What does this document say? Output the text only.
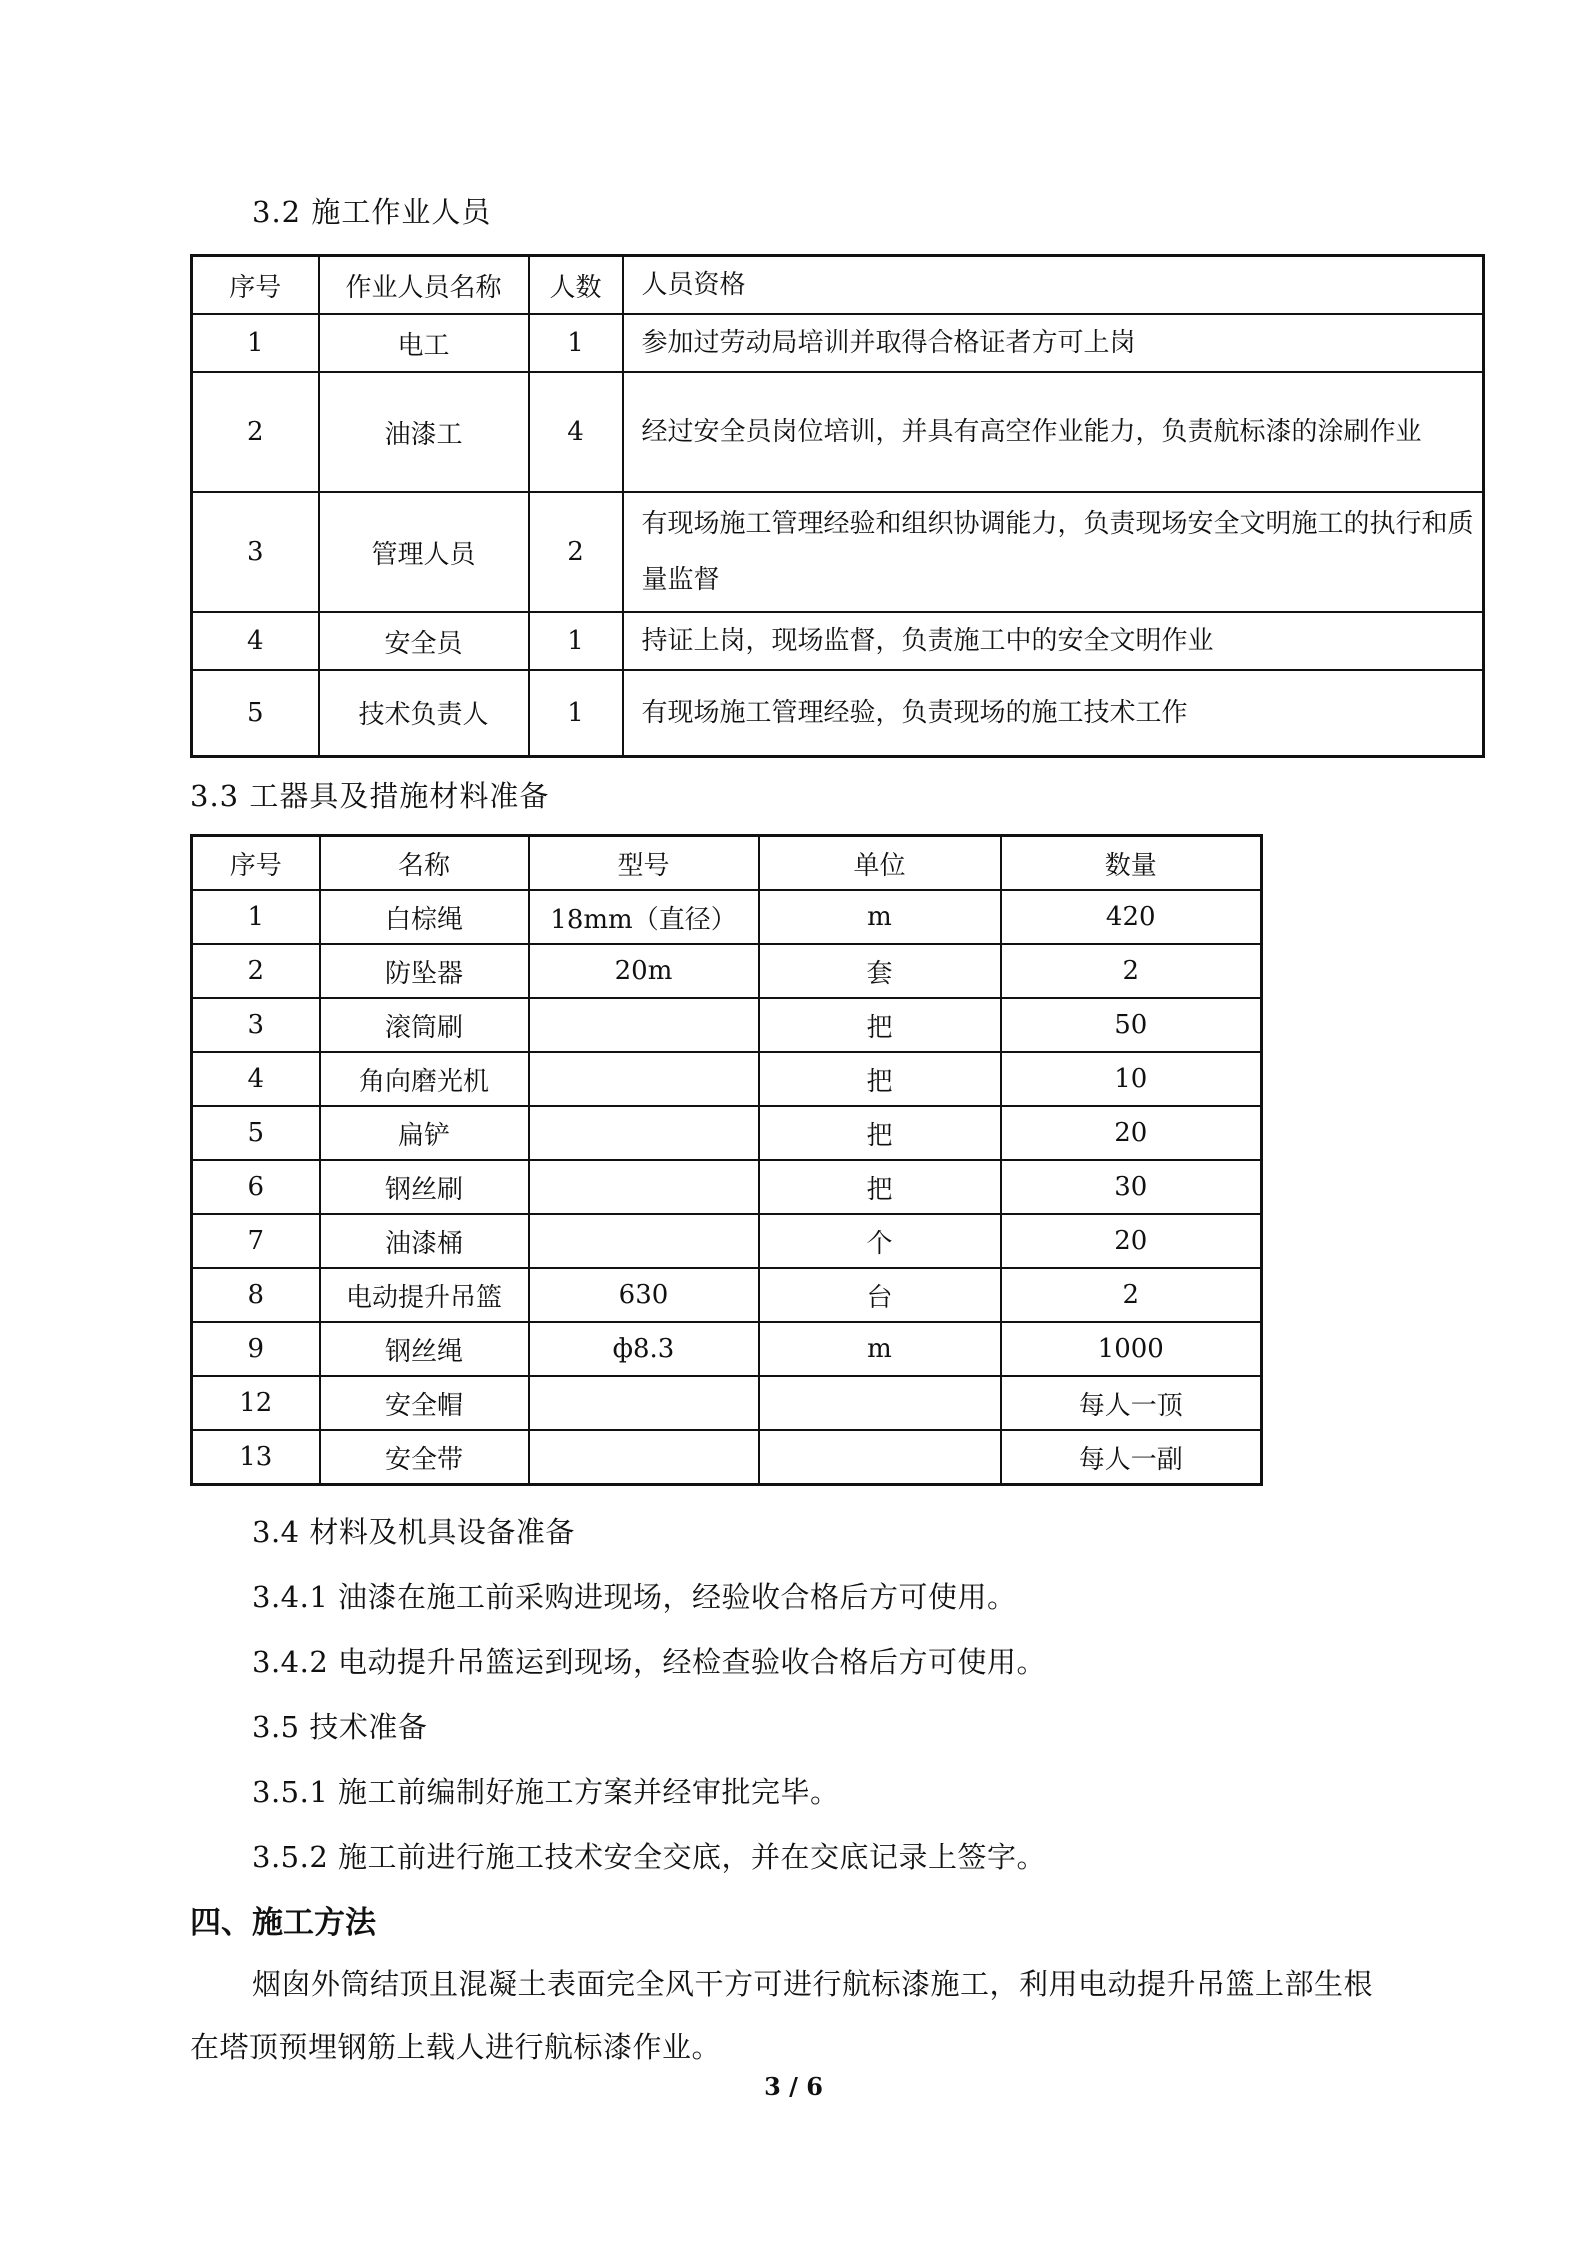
3.2 施工作业人员
序号	作业人员名称	人数	人员资格
1	电工	1	参加过劳动局培训并取得合格证者方可上岗
2	油漆工	4	经过安全员岗位培训，并具有高空作业能力，负责航标漆的涂刷作业
3	管理人员	2	有现场施工管理经验和组织协调能力，负责现场安全文明施工的执行和质量监督
4	安全员	1	持证上岗，现场监督，负责施工中的安全文明作业
5	技术负责人	1	有现场施工管理经验，负责现场的施工技术工作
3.3 工器具及措施材料准备
序号	名称	型号	单位	数量
1	白棕绳	18mm（直径）	m	420
2	防坠器	20m	套	2
3	滚筒刷		把	50
4	角向磨光机		把	10
5	扁铲		把	20
6	钢丝刷		把	30
7	油漆桶		个	20
8	电动提升吊篮	630	台	2
9	钢丝绳	ф8.3	m	1000
12	安全帽			每人一顶
13	安全带			每人一副
3.4 材料及机具设备准备
3.4.1 油漆在施工前采购进现场，经验收合格后方可使用。
3.4.2 电动提升吊篮运到现场，经检查验收合格后方可使用。
3.5 技术准备
3.5.1 施工前编制好施工方案并经审批完毕。
3.5.2 施工前进行施工技术安全交底，并在交底记录上签字。
四、施工方法
烟囱外筒结顶且混凝土表面完全风干方可进行航标漆施工，利用电动提升吊篮上部生根
在塔顶预埋钢筋上载人进行航标漆作业。
3 / 6
